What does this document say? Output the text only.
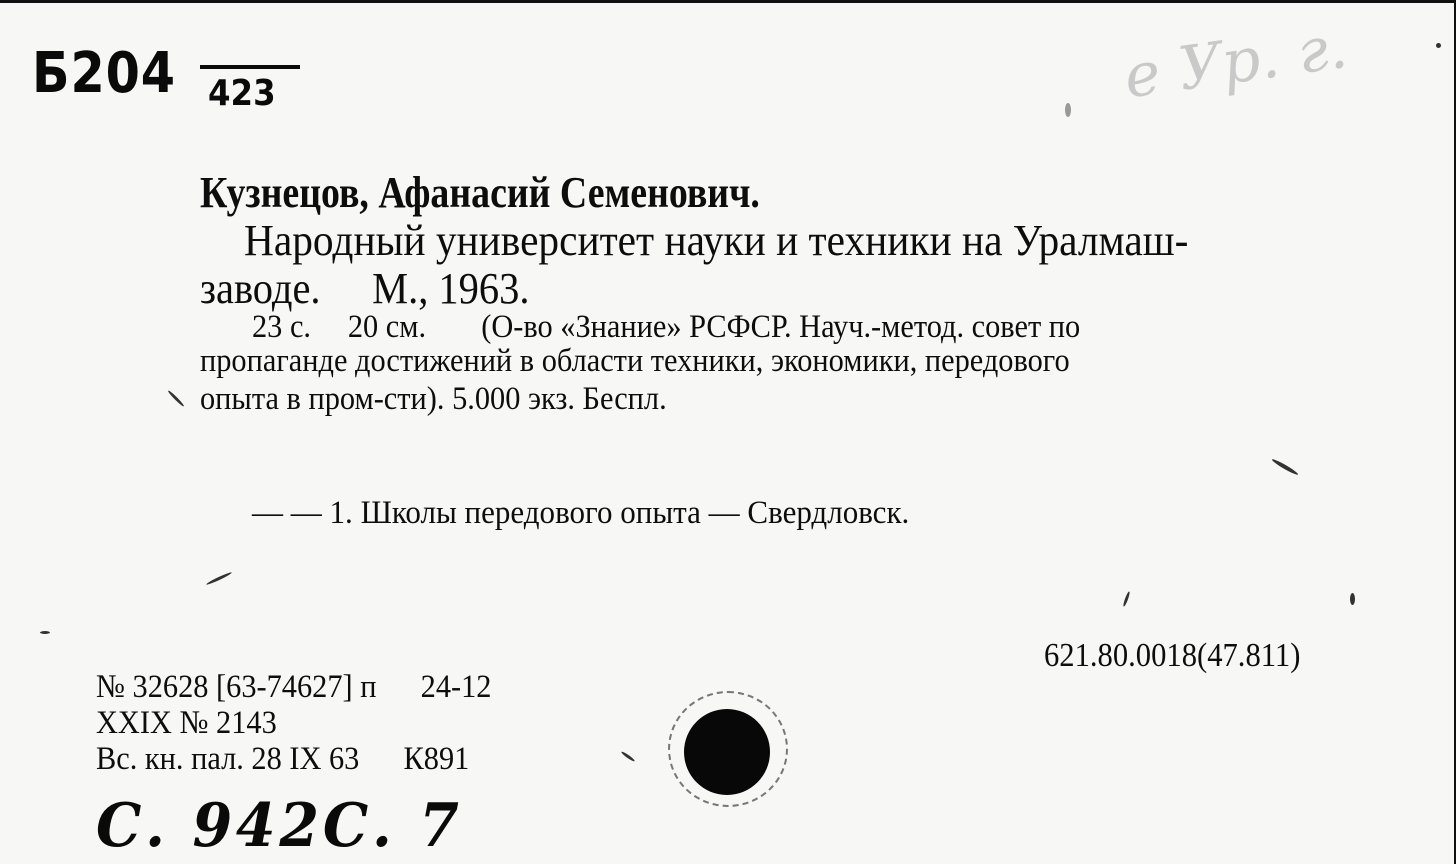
е Ур. г.
Б204 423
Кузнецов, Афанасий Семенович.
Народный университет науки и техники на Уралмаш-
заводе. М., 1963.
23 с. 20 см. (О-во «Знание» РСФСР. Науч.-метод. совет по
пропаганде достижений в области техники, экономики, передового
опыта в пром-сти). 5.000 экз. Беспл.
— — 1. Школы передового опыта — Свердловск.
621.80.0018(47.811)
№ 32628 [63-74627] п 24-12
XXIX № 2143
Вс. кн. пал. 28 IX 63 К891
С. 942С. 7
